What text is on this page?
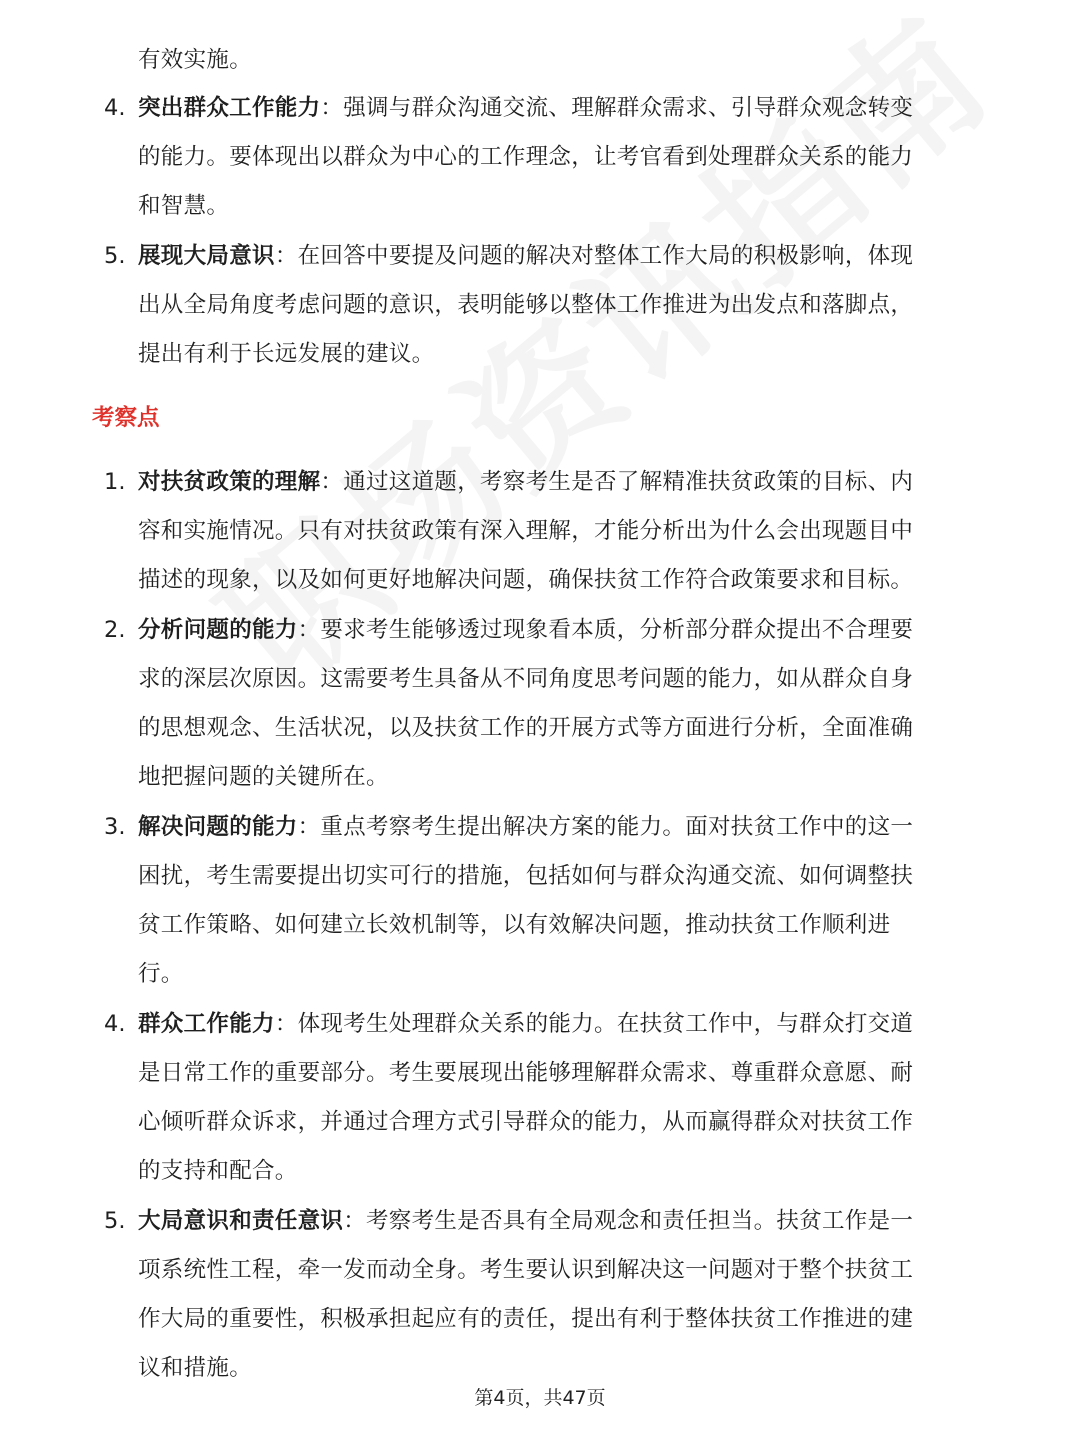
有效实施。
4. 突出群众工作能力：强调与群众沟通交流、理解群众需求、引导群众观念转变
的能力。要体现出以群众为中心的工作理念，让考官看到处理群众关系的能力
和智慧。
5. 展现大局意识：在回答中要提及问题的解决对整体工作大局的积极影响，体现
出从全局角度考虑问题的意识，表明能够以整体工作推进为出发点和落脚点，
提出有利于长远发展的建议。
考察点
1. 对扶贫政策的理解：通过这道题，考察考生是否了解精准扶贫政策的目标、内
容和实施情况。只有对扶贫政策有深入理解，才能分析出为什么会出现题目中
描述的现象，以及如何更好地解决问题，确保扶贫工作符合政策要求和目标。
2. 分析问题的能力：要求考生能够透过现象看本质，分析部分群众提出不合理要
求的深层次原因。这需要考生具备从不同角度思考问题的能力，如从群众自身
的思想观念、生活状况，以及扶贫工作的开展方式等方面进行分析，全面准确
地把握问题的关键所在。
3. 解决问题的能力：重点考察考生提出解决方案的能力。面对扶贫工作中的这一
困扰，考生需要提出切实可行的措施，包括如何与群众沟通交流、如何调整扶
贫工作策略、如何建立长效机制等，以有效解决问题，推动扶贫工作顺利进
行。
4. 群众工作能力：体现考生处理群众关系的能力。在扶贫工作中，与群众打交道
是日常工作的重要部分。考生要展现出能够理解群众需求、尊重群众意愿、耐
心倾听群众诉求，并通过合理方式引导群众的能力，从而赢得群众对扶贫工作
的支持和配合。
5. 大局意识和责任意识：考察考生是否具有全局观念和责任担当。扶贫工作是一
项系统性工程，牵一发而动全身。考生要认识到解决这一问题对于整个扶贫工
作大局的重要性，积极承担起应有的责任，提出有利于整体扶贫工作推进的建
议和措施。
第4页，共47页
